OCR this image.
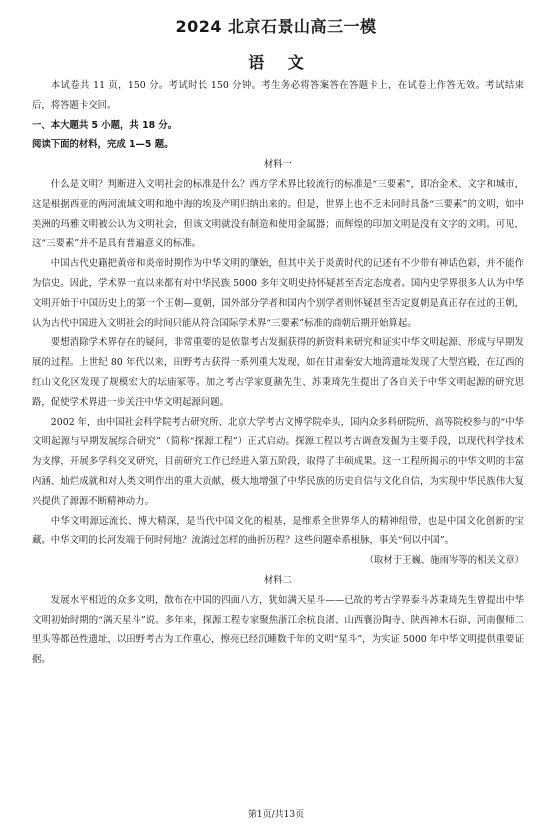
2024 北京石景山高三一模
语 文

本试卷共 11 页，150 分。考试时长 150 分钟。考生务必将答案答在答题卡上，在试卷上作答无效。考试结束后，将答题卡交回。

一、本大题共 5 小题，共 18 分。

阅读下面的材料，完成 1—5 题。

材料一

什么是文明？判断进入文明社会的标准是什么？西方学术界比较流行的标准是“三要素”，即冶金术、文字和城市，这是根据西亚的两河流域文明和地中海的埃及产明归纳出来的。但是，世界上也不乏未同时具备“三要素”的文明，如中美洲的玛雅文明被公认为文明社会，但该文明就没有制造和使用金属器；而辉煌的印加文明是没有文字的文明。可见，这“三要素”并不是具有普遍意义的标准。

中国古代史籍把黄帝和炎帝时期作为中华文明的肇始，但其中关于炎黄时代的记述有不少带有神话色彩，并不能作为信史。因此，学术界一直以来都有对中华民族 5000 多年文明史持怀疑甚至否定态度者。国内史学界很多人认为中华文明开始于中国历史上的第一个王朝—夏朝，国外部分学者和国内个别学者则怀疑甚至否定夏朝是真正存在过的王朝，认为古代中国进入文明社会的时间只能从符合国际学术界“三要素”标准的商朝后期开始算起。

要想消除学术界存在的疑问，非常重要的是依靠考古发掘获得的新资料来研究和证实中华文明起源、形成与早期发展的过程。上世纪 80 年代以来，田野考古获得一系列重大发现，如在甘肃秦安大地湾遗址发现了大型宫殿，在辽西的红山文化区发现了规模宏大的坛庙冢等。加之考古学家夏鼐先生、苏秉琦先生提出了各自关于中华文明起源的研究思路，促使学术界进一步关注中华文明起源问题。

2002 年，由中国社会科学院考古研究所、北京大学考古文博学院牵头，国内众多科研院所、高等院校参与的“中华文明起源与早期发展综合研究”（简称“探源工程”）正式启动。探源工程以考古调查发掘为主要手段，以现代科学技术为支撑，开展多学科交叉研究，目前研究工作已经进入第五阶段，取得了丰硕成果。这一工程所揭示的中华文明的丰富内涵、灿烂成就和对人类文明作出的重大贡献，极大地增强了中华民族的历史自信与文化自信，为实现中华民族伟大复兴提供了源源不断精神动力。

中华文明源远流长、博大精深，是当代中国文化的根基，是维系全世界华人的精神纽带，也是中国文化创新的宝藏。中华文明的长河发端于何时何地？流淌过怎样的曲折历程？这些问题牵系根脉，事关“何以中国”。

（取材于王巍、施雨岑等的相关文章）

材料二

发展水平相近的众多文明，散布在中国的四面八方，犹如满天星斗——已故的考古学界泰斗苏秉琦先生曾提出中华文明初始时期的“满天星斗”说。多年来，探源工程专家聚焦浙江余杭良渚、山西襄汾陶寺、陕西神木石峁、河南偃师二里头等都邑性遗址，以田野考古为工作重心，擦亮已经沉睡数千年的文明“星斗”，为实证 5000 年中华文明提供重要证据。

第1页/共13页
